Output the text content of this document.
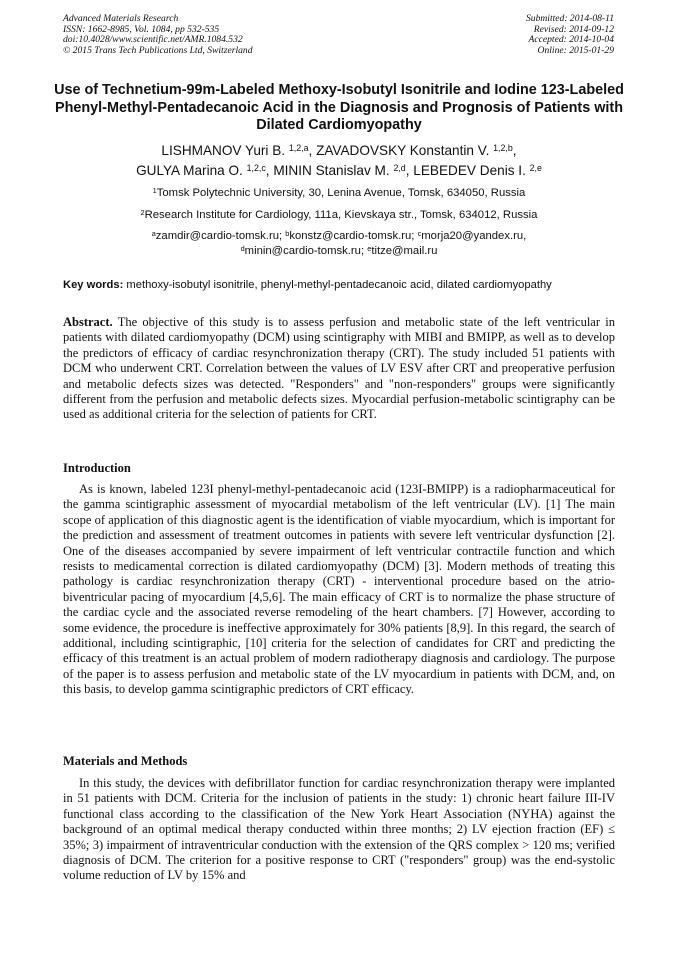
Advanced Materials Research
ISSN: 1662-8985, Vol. 1084, pp 532-535
doi:10.4028/www.scientific.net/AMR.1084.532
© 2015 Trans Tech Publications Ltd, Switzerland
Submitted: 2014-08-11
Revised: 2014-09-12
Accepted: 2014-10-04
Online: 2015-01-29
Use of Technetium-99m-Labeled Methoxy-Isobutyl Isonitrile and Iodine 123-Labeled Phenyl-Methyl-Pentadecanoic Acid in the Diagnosis and Prognosis of Patients with Dilated Cardiomyopathy
LISHMANOV Yuri B. $^{1,2,a}$, ZAVADOVSKY Konstantin V. $^{1,2,b}$,
GULYA Marina O. $^{1,2,c}$, MININ Stanislav M. $^{2,d}$, LEBEDEV Denis I. $^{2,e}$
$^1$Tomsk Polytechnic University, 30, Lenina Avenue, Tomsk, 634050, Russia
$^2$Research Institute for Cardiology, 111a, Kievskaya str., Tomsk, 634012, Russia
$^a$zamdir@cardio-tomsk.ru; $^b$konstz@cardio-tomsk.ru; $^c$morja20@yandex.ru,
$^d$minin@cardio-tomsk.ru; $^e$titze@mail.ru
Key words: methoxy-isobutyl isonitrile, phenyl-methyl-pentadecanoic acid, dilated cardiomyopathy
Abstract. The objective of this study is to assess perfusion and metabolic state of the left ventricular in patients with dilated cardiomyopathy (DCM) using scintigraphy with MIBI and BMIPP, as well as to develop the predictors of efficacy of cardiac resynchronization therapy (CRT). The study included 51 patients with DCM who underwent CRT. Correlation between the values of LV ESV after CRT and preoperative perfusion and metabolic defects sizes was detected. "Responders" and "non-responders" groups were significantly different from the perfusion and metabolic defects sizes. Myocardial perfusion-metabolic scintigraphy can be used as additional criteria for the selection of patients for CRT.
Introduction
As is known, labeled 123I phenyl-methyl-pentadecanoic acid (123I-BMIPP) is a radiopharmaceutical for the gamma scintigraphic assessment of myocardial metabolism of the left ventricular (LV). [1] The main scope of application of this diagnostic agent is the identification of viable myocardium, which is important for the prediction and assessment of treatment outcomes in patients with severe left ventricular dysfunction [2]. One of the diseases accompanied by severe impairment of left ventricular contractile function and which resists to medicamental correction is dilated cardiomyopathy (DCM) [3]. Modern methods of treating this pathology is cardiac resynchronization therapy (CRT) - interventional procedure based on the atrio-biventricular pacing of myocardium [4,5,6]. The main efficacy of CRT is to normalize the phase structure of the cardiac cycle and the associated reverse remodeling of the heart chambers. [7] However, according to some evidence, the procedure is ineffective approximately for 30% patients [8,9]. In this regard, the search of additional, including scintigraphic, [10] criteria for the selection of candidates for CRT and predicting the efficacy of this treatment is an actual problem of modern radiotherapy diagnosis and cardiology. The purpose of the paper is to assess perfusion and metabolic state of the LV myocardium in patients with DCM, and, on this basis, to develop gamma scintigraphic predictors of CRT efficacy.
Materials and Methods
In this study, the devices with defibrillator function for cardiac resynchronization therapy were implanted in 51 patients with DCM. Criteria for the inclusion of patients in the study: 1) chronic heart failure III-IV functional class according to the classification of the New York Heart Association (NYHA) against the background of an optimal medical therapy conducted within three months; 2) LV ejection fraction (EF) ≤ 35%; 3) impairment of intraventricular conduction with the extension of the QRS complex > 120 ms; verified diagnosis of DCM. The criterion for a positive response to CRT ("responders" group) was the end-systolic volume reduction of LV by 15% and
